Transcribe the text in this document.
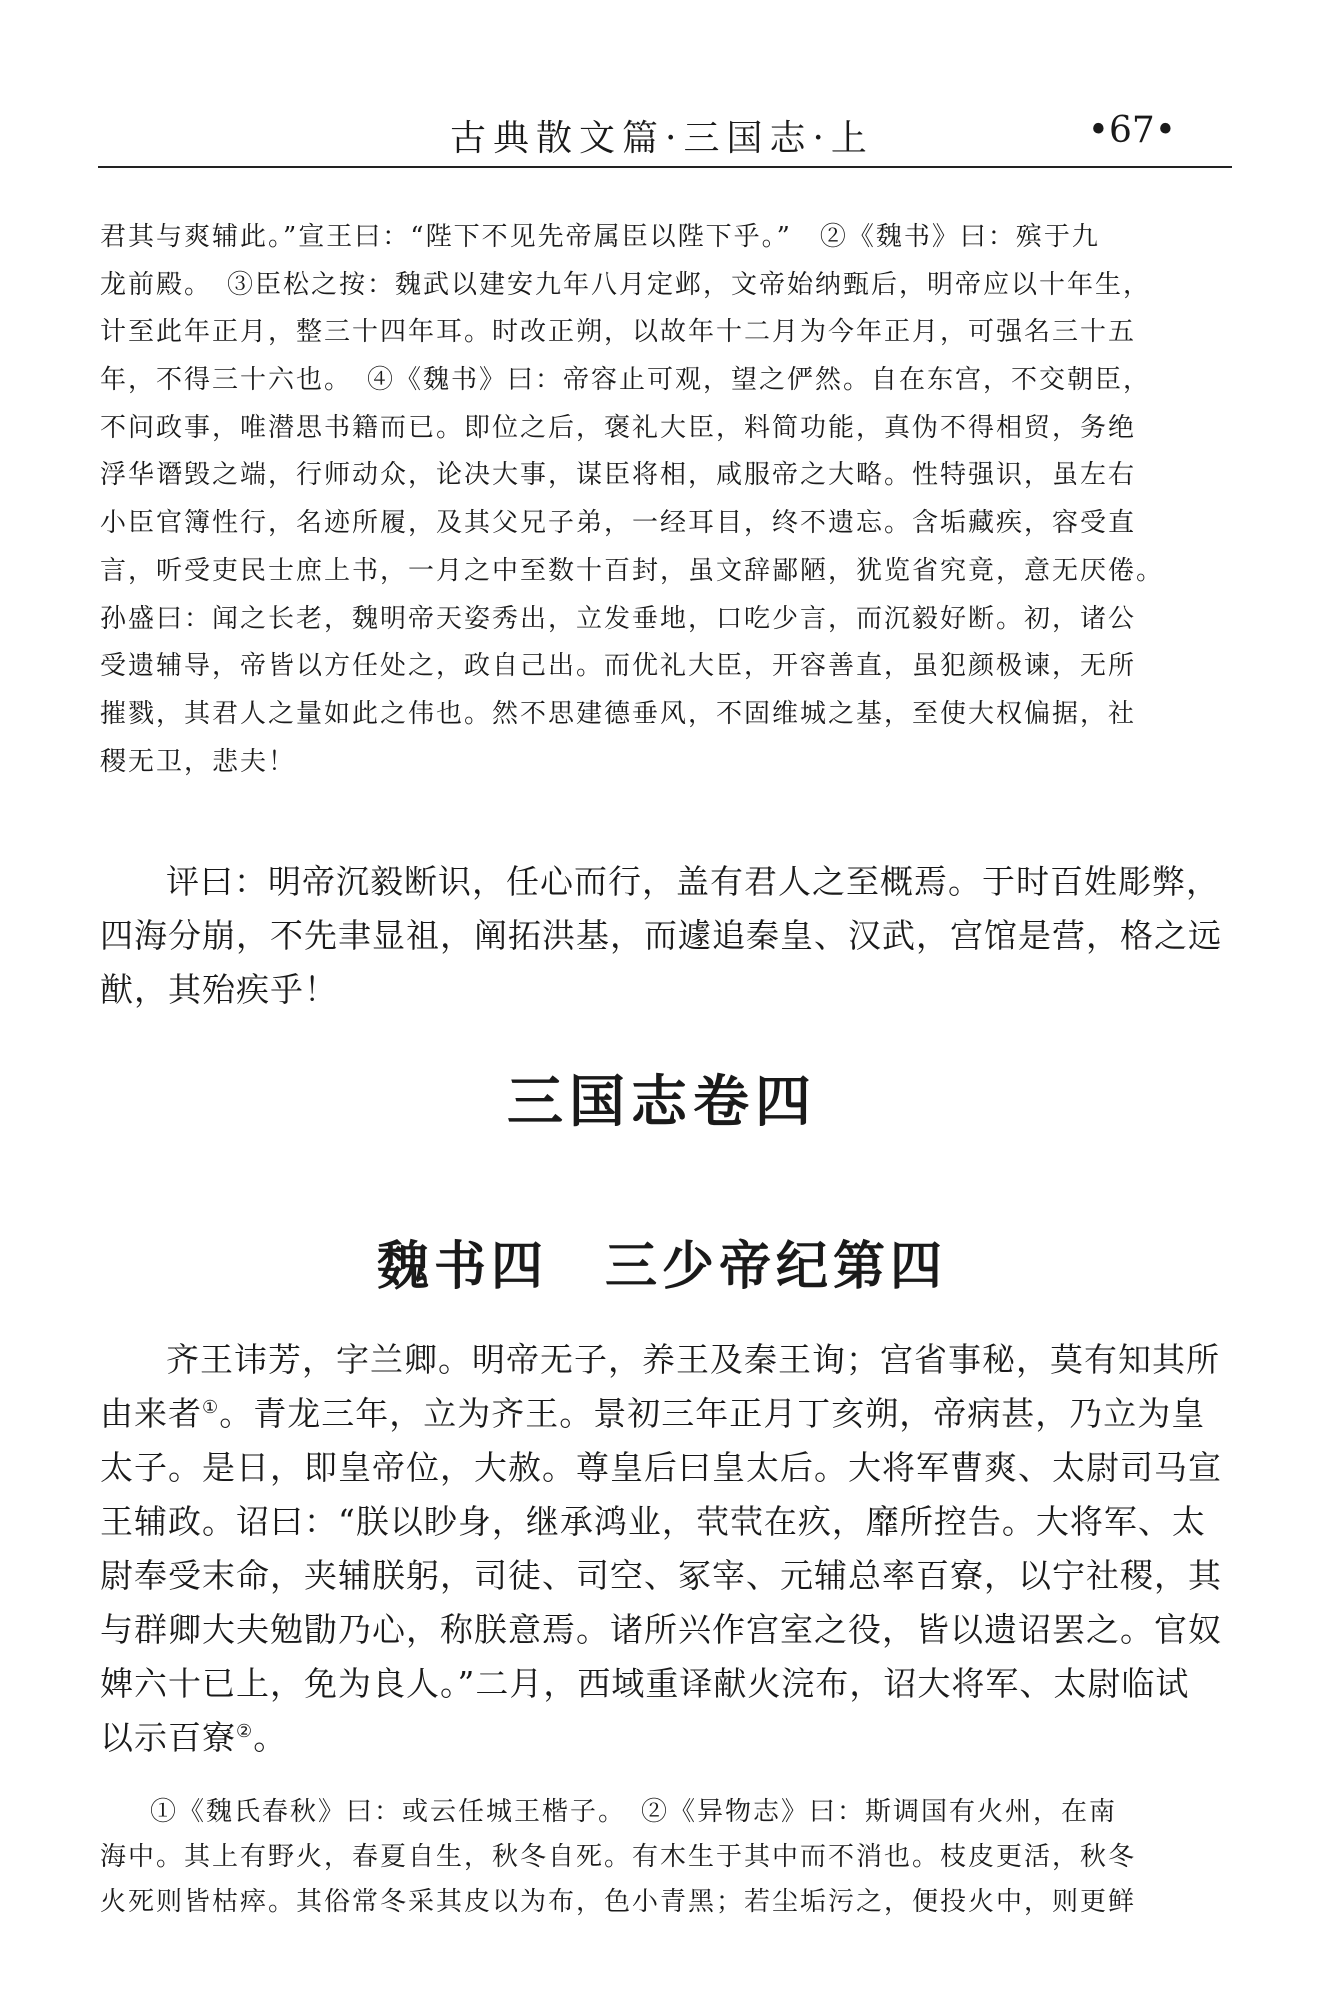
古典散文篇·三国志·上	•67•
君其与爽辅此。”宣王曰：“陛下不见先帝属臣以陛下乎。”　②《魏书》曰：殡于九
龙前殿。　③臣松之按：魏武以建安九年八月定邺，文帝始纳甄后，明帝应以十年生，
计至此年正月，整三十四年耳。时改正朔，以故年十二月为今年正月，可强名三十五
年，不得三十六也。　④《魏书》曰：帝容止可观，望之俨然。自在东宫，不交朝臣，
不问政事，唯潜思书籍而已。即位之后，褒礼大臣，料简功能，真伪不得相贸，务绝
浮华谮毁之端，行师动众，论决大事，谋臣将相，咸服帝之大略。性特强识，虽左右
小臣官簿性行，名迹所履，及其父兄子弟，一经耳目，终不遗忘。含垢藏疾，容受直
言，听受吏民士庶上书，一月之中至数十百封，虽文辞鄙陋，犹览省究竟，意无厌倦。
孙盛曰：闻之长老，魏明帝天姿秀出，立发垂地，口吃少言，而沉毅好断。初，诸公
受遗辅导，帝皆以方任处之，政自己出。而优礼大臣，开容善直，虽犯颜极谏，无所
摧戮，其君人之量如此之伟也。然不思建德垂风，不固维城之基，至使大权偏据，社
稷无卫，悲夫！
评曰：明帝沉毅断识，任心而行，盖有君人之至概焉。于时百姓彫弊，
四海分崩，不先聿显祖，阐拓洪基，而遽追秦皇、汉武，宫馆是营，格之远
猷，其殆疾乎！
三国志卷四
魏书四　三少帝纪第四
齐王讳芳，字兰卿。明帝无子，养王及秦王询；宫省事秘，莫有知其所
由来者①。青龙三年，立为齐王。景初三年正月丁亥朔，帝病甚，乃立为皇
太子。是日，即皇帝位，大赦。尊皇后曰皇太后。大将军曹爽、太尉司马宣
王辅政。诏曰：“朕以眇身，继承鸿业，茕茕在疚，靡所控告。大将军、太
尉奉受末命，夹辅朕躬，司徒、司空、冢宰、元辅总率百寮，以宁社稷，其
与群卿大夫勉勖乃心，称朕意焉。诸所兴作宫室之役，皆以遗诏罢之。官奴
婢六十已上，免为良人。”二月，西域重译献火浣布，诏大将军、太尉临试
以示百寮②。
①《魏氏春秋》曰：或云任城王楷子。　②《异物志》曰：斯调国有火州，在南
海中。其上有野火，春夏自生，秋冬自死。有木生于其中而不消也。枝皮更活，秋冬
火死则皆枯瘁。其俗常冬采其皮以为布，色小青黑；若尘垢污之，便投火中，则更鲜
